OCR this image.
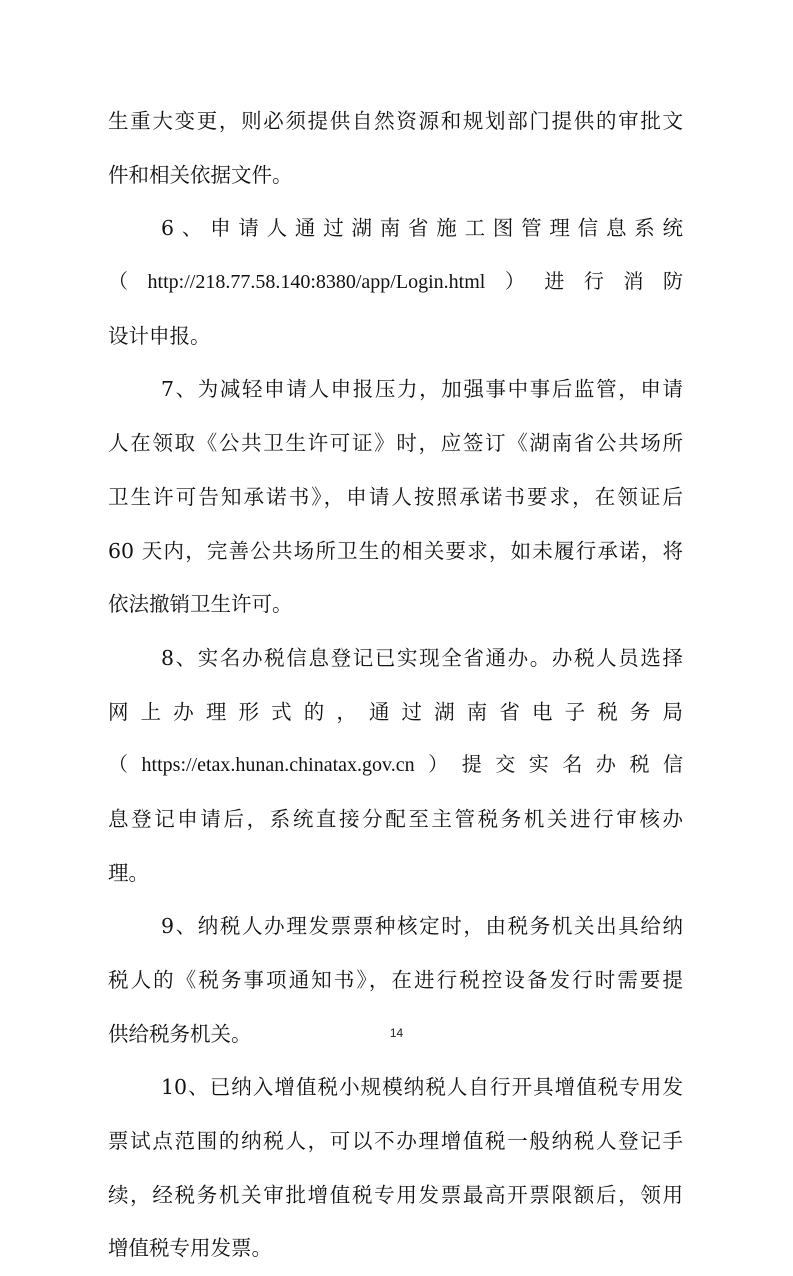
生重大变更，则必须提供自然资源和规划部门提供的审批文
件和相关依据文件。
6、申请人通过湖南省施工图管理信息系统
（http://218.77.58.140:8380/app/Login.html）进行消防
设计申报。
7、为减轻申请人申报压力，加强事中事后监管，申请
人在领取《公共卫生许可证》时，应签订《湖南省公共场所
卫生许可告知承诺书》，申请人按照承诺书要求，在领证后
60 天内，完善公共场所卫生的相关要求，如未履行承诺，将
依法撤销卫生许可。
8、实名办税信息登记已实现全省通办。办税人员选择
网上办理形式的，通过湖南省电子税务局
（https://etax.hunan.chinatax.gov.cn）提交实名办税信
息登记申请后，系统直接分配至主管税务机关进行审核办
理。
9、纳税人办理发票票种核定时，由税务机关出具给纳
税人的《税务事项通知书》，在进行税控设备发行时需要提
供给税务机关。
10、已纳入增值税小规模纳税人自行开具增值税专用发
票试点范围的纳税人，可以不办理增值税一般纳税人登记手
续，经税务机关审批增值税专用发票最高开票限额后，领用
增值税专用发票。
14
